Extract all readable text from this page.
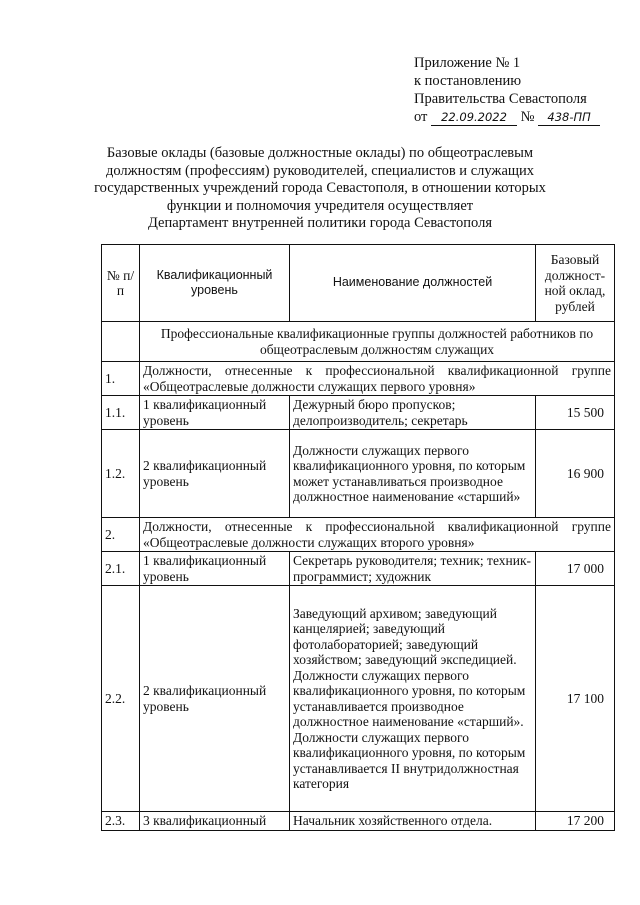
Приложение № 1
к постановлению
Правительства Севастополя
от 22.09.2022 № 438-ПП
Базовые оклады (базовые должностные оклады) по общеотраслевым
должностям (профессиям) руководителей, специалистов и служащих
государственных учреждений города Севастополя, в отношении которых
функции и полномочия учредителя осуществляет
Департамент внутренней политики города Севастополя
№ п/п	Квалификационный уровень	Наименование должностей	Базовый должност-ной оклад, рублей
	Профессиональные квалификационные группы должностей работников по общеотраслевым должностям служащих		
1.	Должности, отнесенные к профессиональной квалификационной группе «Общеотраслевые должности служащих первого уровня»		
1.1.	1 квалификационный уровень	Дежурный бюро пропусков; делопроизводитель; секретарь	15 500
1.2.	2 квалификационный уровень	Должности служащих первого квалификационного уровня, по которым может устанавливаться производное должностное наименование «старший»	16 900
2.	Должности, отнесенные к профессиональной квалификационной группе «Общеотраслевые должности служащих второго уровня»		
2.1.	1 квалификационный уровень	Секретарь руководителя; техник; техник-программист; художник	17 000
2.2.	2 квалификационный уровень	Заведующий архивом; заведующий канцелярией; заведующий фотолабораторией; заведующий хозяйством; заведующий экспедицией. Должности служащих первого квалификационного уровня, по которым устанавливается производное должностное наименование «старший». Должности служащих первого квалификационного уровня, по которым устанавливается II внутридолжностная категория	17 100
2.3.	3 квалификационный	Начальник хозяйственного отдела.	17 200
